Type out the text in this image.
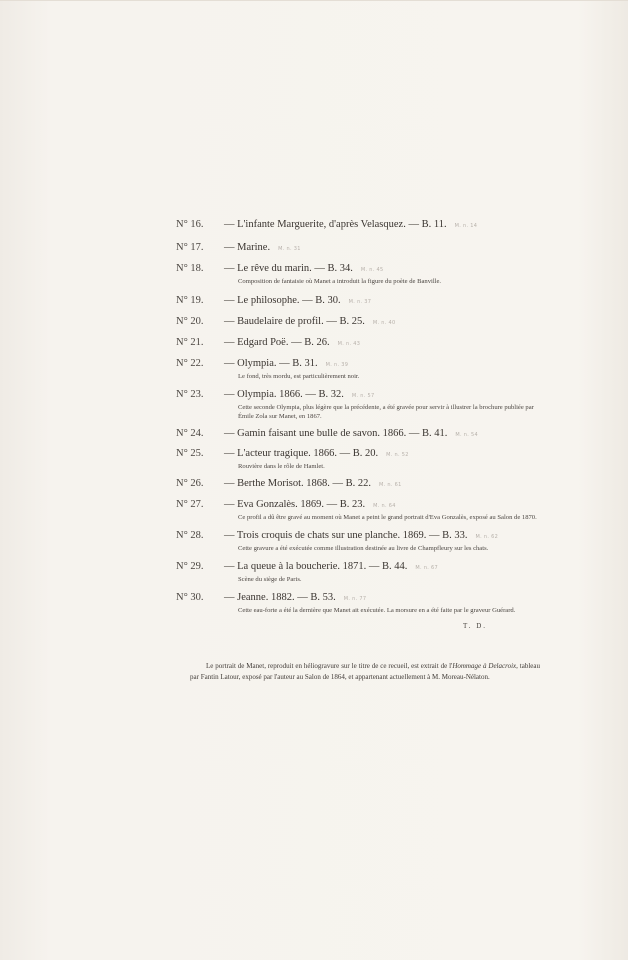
N° 16. — L'infante Marguerite, d'après Velasquez. — B. 11. M. n. 14
N° 17. — Marine. M. n. 31
N° 18. — Le rêve du marin. — B. 34. M. n. 45
Composition de fantaisie où Manet a introduit la figure du poète de Banville.
N° 19. — Le philosophe. — B. 30. M. n. 37
N° 20. — Baudelaire de profil. — B. 25. M. n. 40
N° 21. — Edgard Poë. — B. 26. M. n. 43
N° 22. — Olympia. — B. 31. M. n. 39
Le fond, très mordu, est particulièrement noir.
N° 23. — Olympia. 1866. — B. 32. M. n. 57
Cette seconde Olympia, plus légère que la précédente, a été gravée pour servir à illustrer la brochure publiée par Émile Zola sur Manet, en 1867.
N° 24. — Gamin faisant une bulle de savon. 1866. — B. 41. M. n. 54
N° 25. — L'acteur tragique. 1866. — B. 20. M. n. 52
Rouvière dans le rôle de Hamlet.
N° 26. — Berthe Morisot. 1868. — B. 22. M. n. 61
N° 27. — Eva Gonzalès. 1869. — B. 23. M. n. 64
Ce profil a dû être gravé au moment où Manet a peint le grand portrait d'Eva Gonzalès, exposé au Salon de 1870.
N° 28. — Trois croquis de chats sur une planche. 1869. — B. 33. M. n. 62
Cette gravure a été exécutée comme illustration destinée au livre de Champfleury sur les chats.
N° 29. — La queue à la boucherie. 1871. — B. 44. M. n. 67
Scène du siège de Paris.
N° 30. — Jeanne. 1882. — B. 53. M. n. 77
Cette eau-forte a été la dernière que Manet ait exécutée. La morsure en a été faite par le graveur Guérard.
T. D.
Le portrait de Manet, reproduit en héliogravure sur le titre de ce recueil, est extrait de l'Hommage à Delacroix, tableau par Fantin Latour, exposé par l'auteur au Salon de 1864, et appartenant actuellement à M. Moreau-Nélaton.
